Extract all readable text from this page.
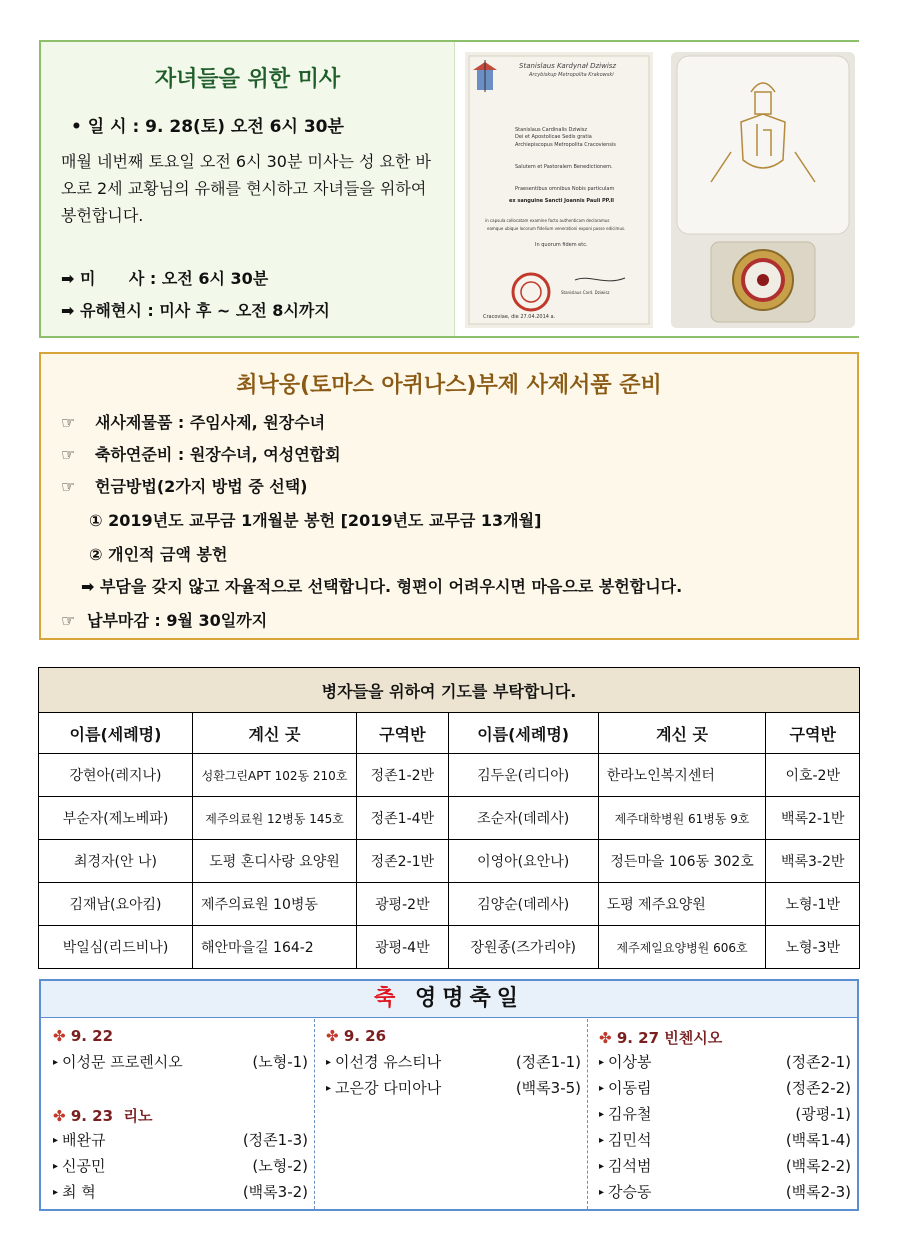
자녀들을 위한 미사
• 일 시 : 9. 28(토) 오전 6시 30분
매월 네번째 토요일 오전 6시 30분 미사는 성 요한 바오로 2세 교황님의 유해를 현시하고 자녀들을 위하여 봉헌합니다.
➡ 미      사 : 오전 6시 30분
➡ 유해현시 : 미사 후 ~ 오전 8시까지
Stanislaus Kardynał Dziwisz
Arcybiskup Metropolita Krakowski
Stanislaus Cardinalis Dziwisz
Dei et Apostolicae Sedis gratia
Archiepiscopus Metropolita Cracoviensis
Salutem et Pastoralem Benedictionem.
Praesentibus omnibus Nobis particulam
ex sanguine Sancti Joannis Pauli PP.II
in capsula collocatam examine facto authenticam declaramus
eamque ubique locorum fidelium venerationi exponi posse edicimus.
In quorum fidem etc.
Stanislaus Card. Dziwisz
Cracoviae, die 27.04.2014 a.
최낙웅(토마스 아퀴나스)부제 사제서품 준비
☞ 새사제물품 : 주임사제, 원장수녀
☞ 축하연준비 : 원장수녀, 여성연합회
☞ 헌금방법(2가지 방법 중 선택)
① 2019년도 교무금 1개월분 봉헌 [2019년도 교무금 13개월]
② 개인적 금액 봉헌
➡ 부담을 갖지 않고 자율적으로 선택합니다. 형편이 어려우시면 마음으로 봉헌합니다.
☞ 납부마감 : 9월 30일까지
병자들을 위하여 기도를 부탁합니다.					
이름(세례명)	계신 곳	구역반	이름(세례명)	계신 곳	구역반
강현아(레지나)	성환그린APT 102동 210호	정존1-2반	김두운(리디아)	한라노인복지센터	이호-2반
부순자(제노베파)	제주의료원 12병동 145호	정존1-4반	조순자(데레사)	제주대학병원 61병동 9호	백록2-1반
최경자(안 나)	도평 혼디사랑 요양원	정존2-1반	이영아(요안나)	정든마을 106동 302호	백록3-2반
김재남(요아킴)	제주의료원 10병동	광평-2반	김양순(데레사)	도평 제주요양원	노형-1반
박일심(리드비나)	해안마을길 164-2	광평-4반	장원종(즈가리야)	제주제일요양병원 606호	노형-3반
축 영명축일
✤ 9. 22
▸ 이성문 프로렌시오	(노형-1)
✤ 9. 23  리노
▸ 배완규	(정존1-3)
▸ 신공민	(노형-2)
▸ 최 혁	(백록3-2)
✤ 9. 26
▸ 이선경 유스티나	(정존1-1)
▸ 고은강 다미아나	(백록3-5)
✤ 9. 27 빈첸시오
▸ 이상봉	(정존2-1)
▸ 이동림	(정존2-2)
▸ 김유철	(광평-1)
▸ 김민석	(백록1-4)
▸ 김석범	(백록2-2)
▸ 강승동	(백록2-3)
